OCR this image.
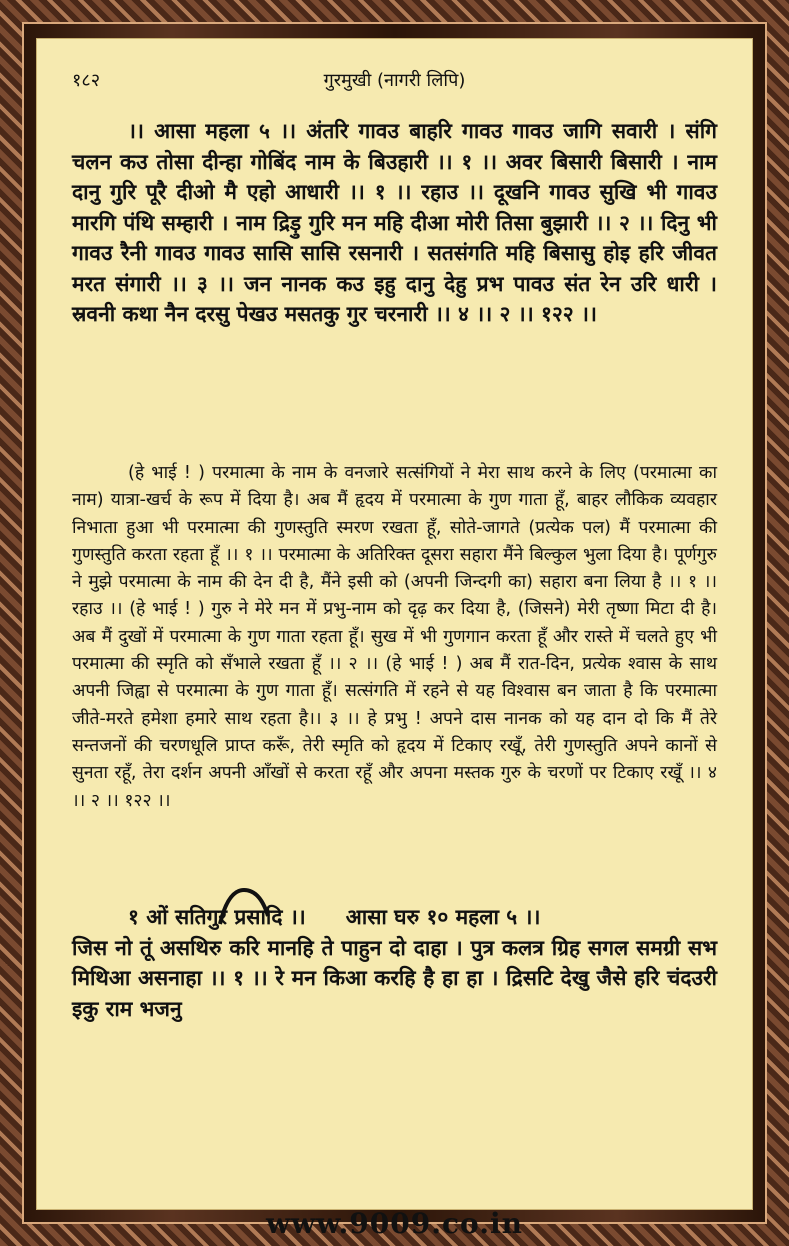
१८२	गुरमुखी (नागरी लिपि)
।। आसा महला ५ ।। अंतरि गावउ बाहरि गावउ गावउ जागि सवारी । संगि चलन कउ तोसा दीन्हा गोबिंद नाम के बिउहारी ।। १ ।। अवर बिसारी बिसारी । नाम दानु गुरि पूरै दीओ मै एहो आधारी ।। १ ।। रहाउ ।। दूखनि गावउ सुखि भी गावउ मारगि पंथि सम्हारी । नाम द्रिड़ु गुरि मन महि दीआ मोरी तिसा बुझारी ।। २ ।। दिनु भी गावउ रैनी गावउ गावउ सासि सासि रसनारी । सतसंगति महि बिसासु होइ हरि जीवत मरत संगारी ।। ३ ।। जन नानक कउ इहु दानु देहु प्रभ पावउ संत रेन उरि धारी । स्रवनी कथा नैन दरसु पेखउ मसतकु गुर चरनारी ।। ४ ।। २ ।। १२२ ।।
(हे भाई ! ) परमात्मा के नाम के वनजारे सत्संगियों ने मेरा साथ करने के लिए (परमात्मा का नाम) यात्रा-खर्च के रूप में दिया है। अब मैं हृदय में परमात्मा के गुण गाता हूँ, बाहर लौकिक व्यवहार निभाता हुआ भी परमात्मा की गुणस्तुति स्मरण रखता हूँ, सोते-जागते (प्रत्येक पल) मैं परमात्मा की गुणस्तुति करता रहता हूँ ।। १ ।। परमात्मा के अतिरिक्त दूसरा सहारा मैंने बिल्कुल भुला दिया है। पूर्णगुरु ने मुझे परमात्मा के नाम की देन दी है, मैंने इसी को (अपनी जिन्दगी का) सहारा बना लिया है ।। १ ।। रहाउ ।। (हे भाई ! ) गुरु ने मेरे मन में प्रभु-नाम को दृढ़ कर दिया है, (जिसने) मेरी तृष्णा मिटा दी है। अब मैं दुखों में परमात्मा के गुण गाता रहता हूँ। सुख में भी गुणगान करता हूँ और रास्ते में चलते हुए भी परमात्मा की स्मृति को सँभाले रखता हूँ ।। २ ।। (हे भाई ! ) अब मैं रात-दिन, प्रत्येक श्वास के साथ अपनी जिह्वा से परमात्मा के गुण गाता हूँ। सत्संगति में रहने से यह विश्वास बन जाता है कि परमात्मा जीते-मरते हमेशा हमारे साथ रहता है।। ३ ।। हे प्रभु ! अपने दास नानक को यह दान दो कि मैं तेरे सन्तजनों की चरणधूलि प्राप्त करूँ, तेरी स्मृति को हृदय में टिकाए रखूँ, तेरी गुणस्तुति अपने कानों से सुनता रहूँ, तेरा दर्शन अपनी आँखों से करता रहूँ और अपना मस्तक गुरु के चरणों पर टिकाए रखूँ ।। ४ ।। २ ।। १२२ ।।
१ ओं सतिगुर प्रसादि ।। आसा घरु १० महला ५ ।।
जिस नो तूं असथिरु करि मानहि ते पाहुन दो दाहा । पुत्र कलत्र ग्रिह सगल समग्री सभ मिथिआ असनाहा ।। १ ।। रे मन किआ करहि है हा हा । द्रिसटि देखु जैसे हरि चंदउरी इकु राम भजनु
www.9009.co.in
